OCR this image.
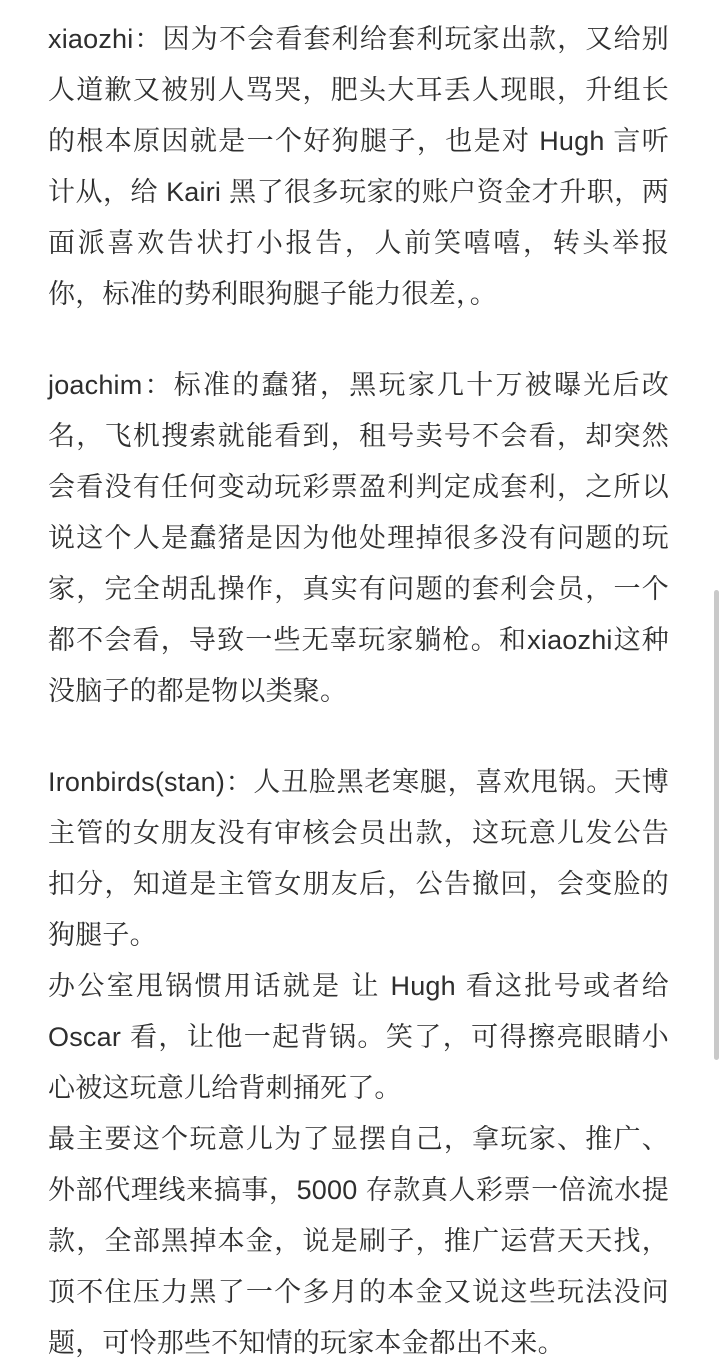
xiaozhi：因为不会看套利给套利玩家出款，又给别人道歉又被别人骂哭，肥头大耳丢人现眼，升组长的根本原因就是一个好狗腿子，也是对 Hugh 言听计从，给 Kairi 黑了很多玩家的账户资金才升职，两面派喜欢告状打小报告，人前笑嘻嘻，转头举报你，标准的势利眼狗腿子能力很差，。

joachim：标准的蠢猪，黑玩家几十万被曝光后改名，飞机搜索就能看到，租号卖号不会看，却突然会看没有任何变动玩彩票盈利判定成套利，之所以说这个人是蠢猪是因为他处理掉很多没有问题的玩家，完全胡乱操作，真实有问题的套利会员，一个都不会看，导致一些无辜玩家躺枪。和xiaozhi这种没脑子的都是物以类聚。

Ironbirds(stan)：人丑脸黑老寒腿，喜欢甩锅。天博主管的女朋友没有审核会员出款，这玩意儿发公告扣分，知道是主管女朋友后，公告撤回，会变脸的狗腿子。

办公室甩锅惯用话就是 让 Hugh 看这批号或者给 Oscar 看，让他一起背锅。笑了，可得擦亮眼睛小心被这玩意儿给背刺捅死了。

最主要这个玩意儿为了显摆自己，拿玩家、推广、外部代理线来搞事，5000 存款真人彩票一倍流水提款，全部黑掉本金，说是刷子，推广运营天天找，顶不住压力黑了一个多月的本金又说这些玩法没问题，可怜那些不知情的玩家本金都出不来。
